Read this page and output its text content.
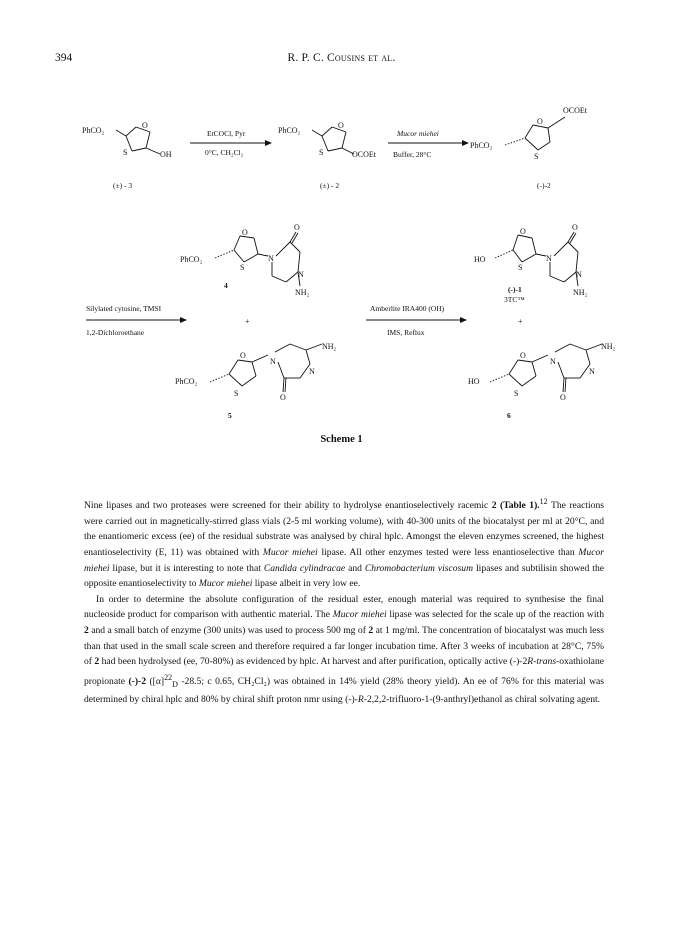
394	R. P. C. Cousins et al.
PhCO₂
O
S	OH
(±) - 3
EtCOCl, Pyr
0°C, CH₂Cl₂
PhCO₂
O
S	OCOEt
(±) - 2
Mucor miehei
Buffer, 28°C
PhCO₂
O
S
OCOEt
(-)-2
PhCO₂
O
S
N
N
O
NH₂
4
Silylated cytosine, TMSI
1,2-Dichloroethane
+
PhCO₂
O
S
N
N
NH₂
O
5
Amberlite IRA400 (OH)
IMS, Reflux
HO
O
S
N
N
O
NH₂
(-)-1
3TC™
+
HO
O
S
N
N
NH₂
O
6
Scheme 1

Nine lipases and two proteases were screened for their ability to hydrolyse enantioselectively racemic 2 (Table 1).$^{12}$ The reactions were carried out in magnetically-stirred glass vials (2-5 ml working volume), with 40-300 units of the biocatalyst per ml at 20°C, and the enantiomeric excess (ee) of the residual substrate was analysed by chiral hplc. Amongst the eleven enzymes screened, the highest enantioselectivity (E, 11) was obtained with Mucor miehei lipase. All other enzymes tested were less enantioselective than Mucor miehei lipase, but it is interesting to note that Candida cylindracae and Chromobacterium viscosum lipases and subtilisin showed the opposite enantioselectivity to Mucor miehei lipase albeit in very low ee.

In order to determine the absolute configuration of the residual ester, enough material was required to synthesise the final nucleoside product for comparison with authentic material. The Mucor miehei lipase was selected for the scale up of the reaction with 2 and a small batch of enzyme (300 units) was used to process 500 mg of 2 at 1 mg/ml. The concentration of biocatalyst was much less than that used in the small scale screen and therefore required a far longer incubation time. After 3 weeks of incubation at 28°C, 75% of 2 had been hydrolysed (ee, 70-80%) as evidenced by hplc. At harvest and after purification, optically active (-)-2R-trans-oxathiolane propionate (-)-2 ($[\alpha]^{22}_D$ -28.5; c 0.65, CH₂Cl₂) was obtained in 14% yield (28% theory yield). An ee of 76% for this material was determined by chiral hplc and 80% by chiral shift proton nmr using (-)-R-2,2,2-trifluoro-1-(9-anthryl)ethanol as chiral solvating agent.
